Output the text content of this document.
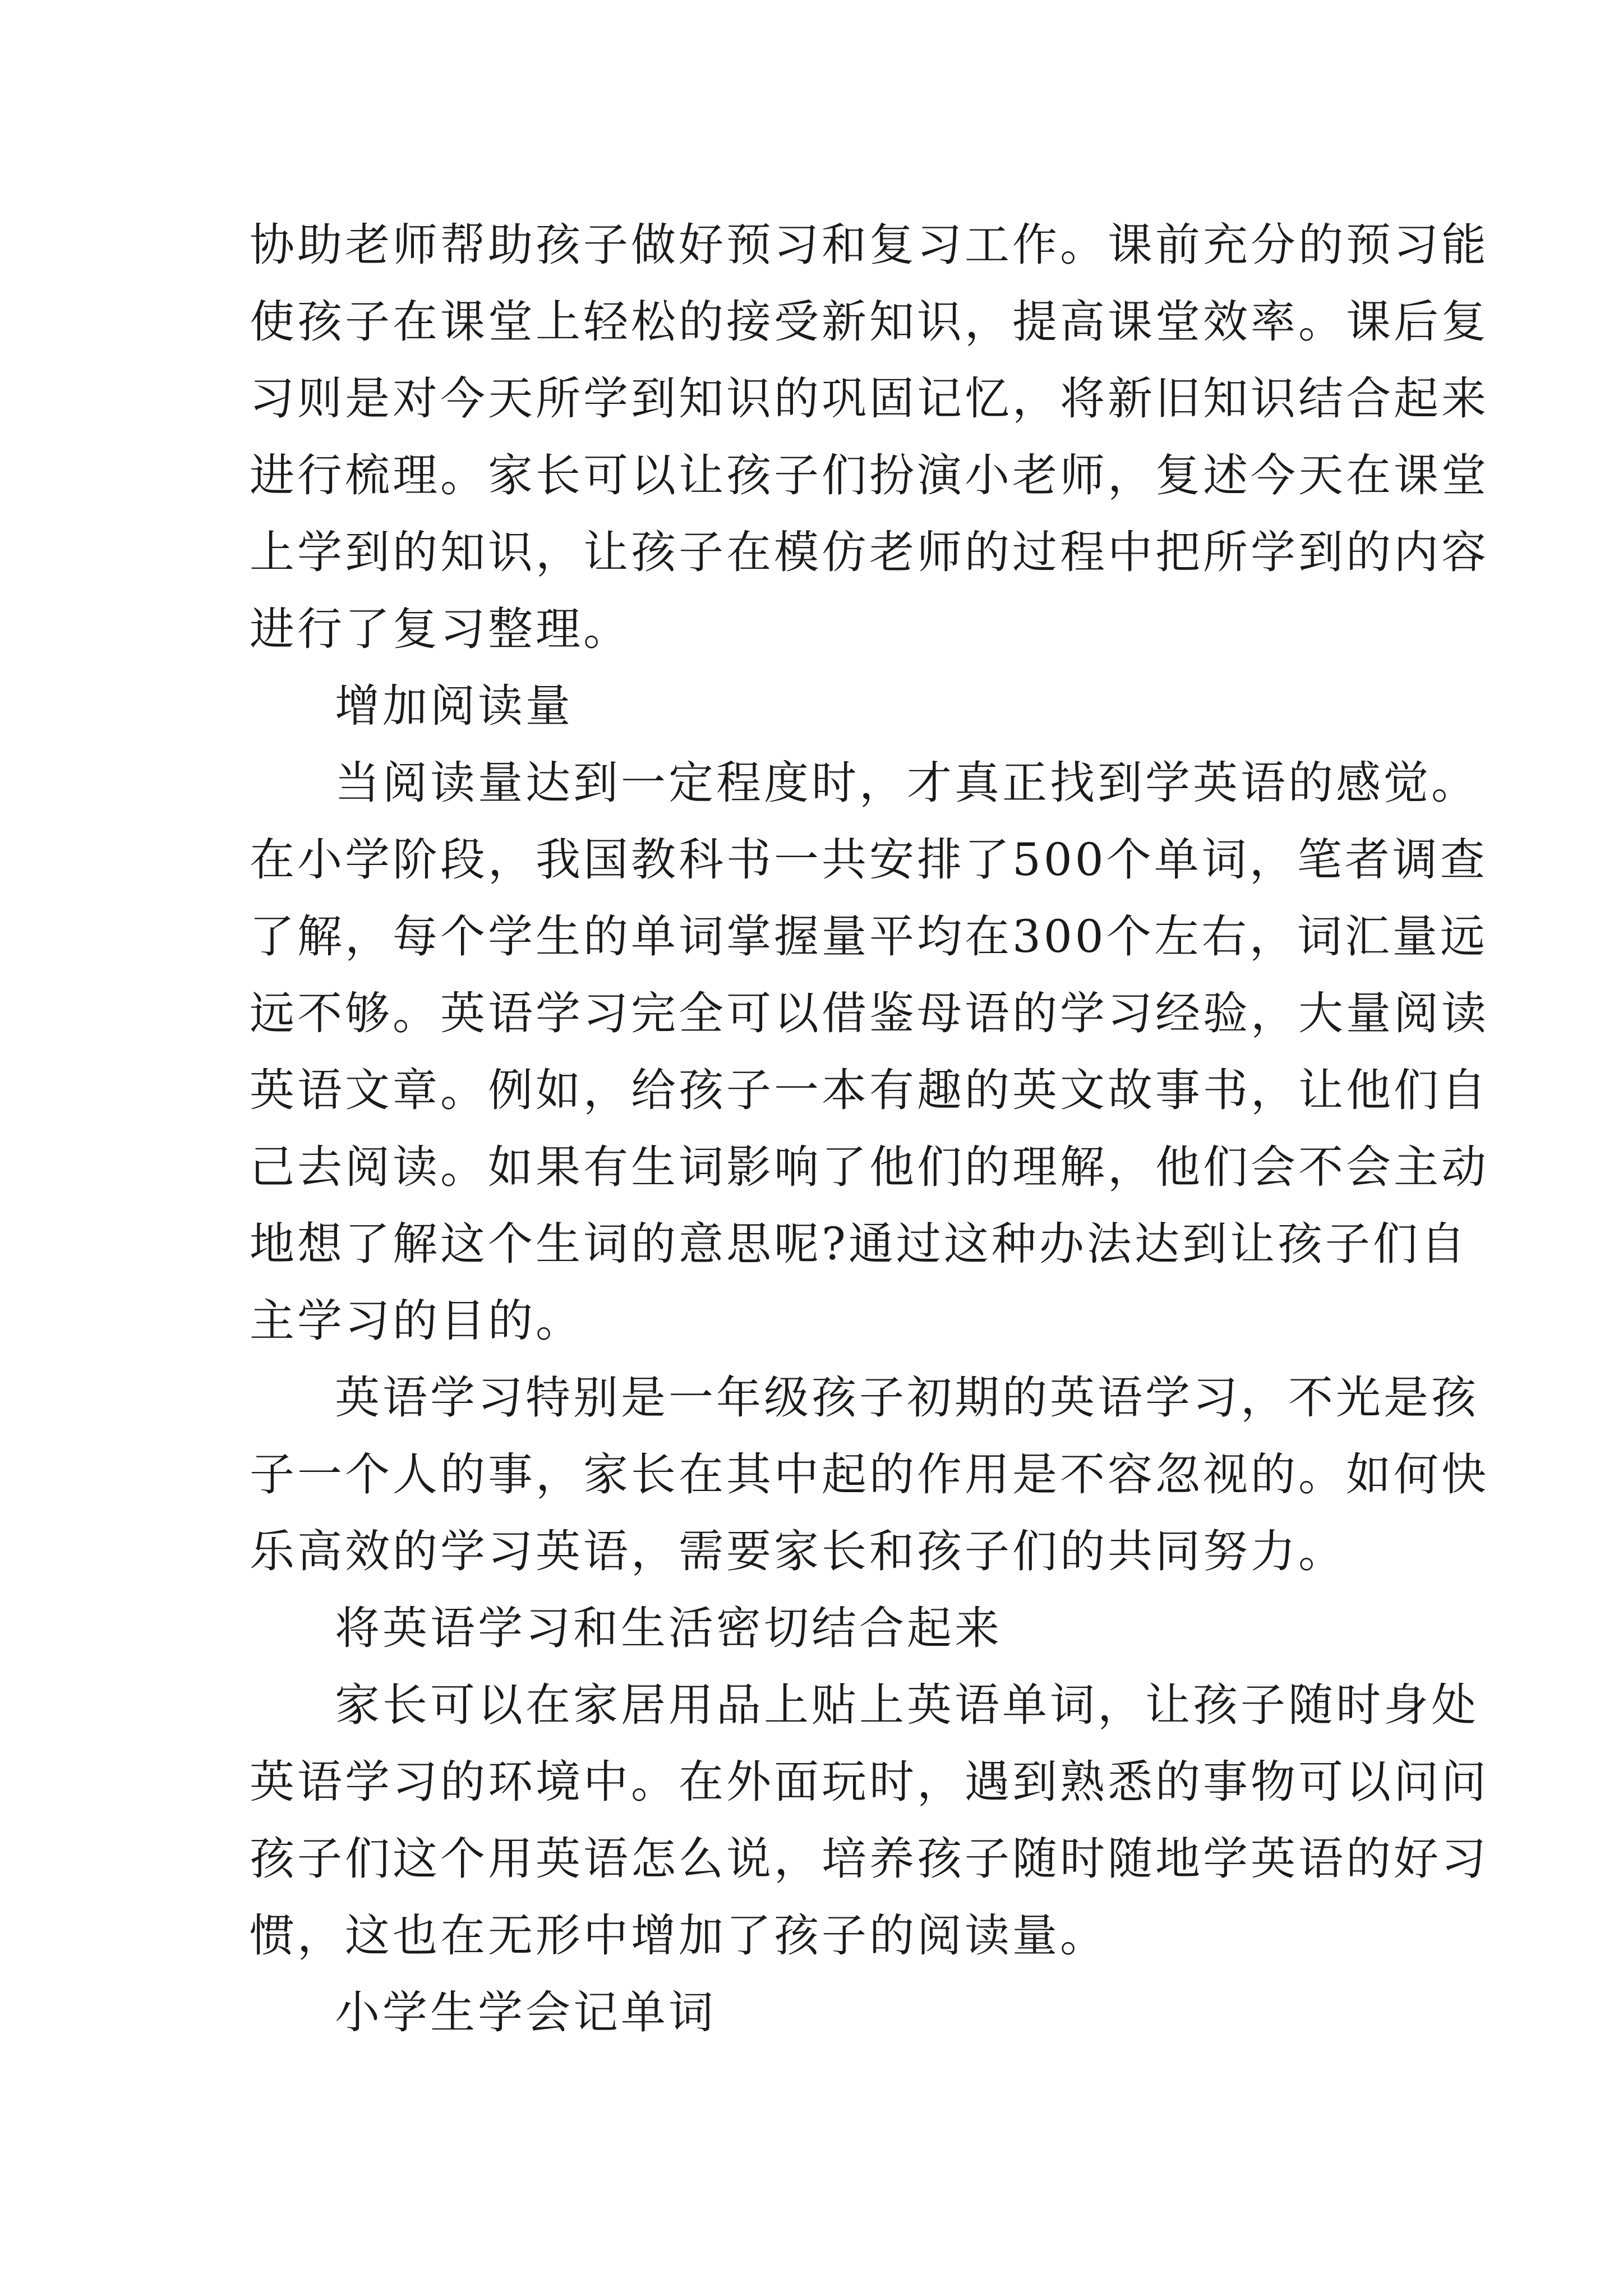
协助老师帮助孩子做好预习和复习工作。课前充分的预习能
使孩子在课堂上轻松的接受新知识，提高课堂效率。课后复
习则是对今天所学到知识的巩固记忆，将新旧知识结合起来
进行梳理。家长可以让孩子们扮演小老师，复述今天在课堂
上学到的知识，让孩子在模仿老师的过程中把所学到的内容
进行了复习整理。
增加阅读量
当阅读量达到一定程度时，才真正找到学英语的感觉。
在小学阶段，我国教科书一共安排了500个单词，笔者调查
了解，每个学生的单词掌握量平均在300个左右，词汇量远
远不够。英语学习完全可以借鉴母语的学习经验，大量阅读
英语文章。例如，给孩子一本有趣的英文故事书，让他们自
己去阅读。如果有生词影响了他们的理解，他们会不会主动
地想了解这个生词的意思呢?通过这种办法达到让孩子们自
主学习的目的。
英语学习特别是一年级孩子初期的英语学习，不光是孩
子一个人的事，家长在其中起的作用是不容忽视的。如何快
乐高效的学习英语，需要家长和孩子们的共同努力。
将英语学习和生活密切结合起来
家长可以在家居用品上贴上英语单词，让孩子随时身处
英语学习的环境中。在外面玩时，遇到熟悉的事物可以问问
孩子们这个用英语怎么说，培养孩子随时随地学英语的好习
惯，这也在无形中增加了孩子的阅读量。
小学生学会记单词
